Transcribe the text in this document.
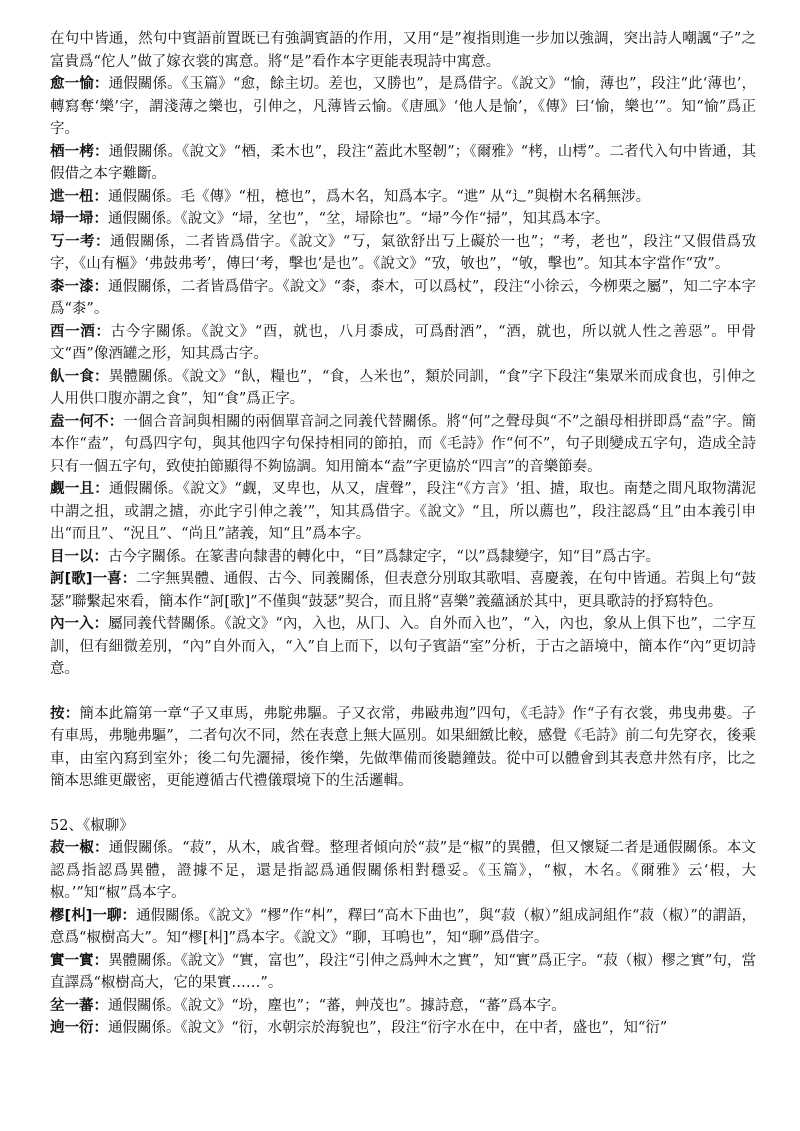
在句中皆通，然句中賓語前置既已有強調賓語的作用，又用“是”複指則進一步加以強調，突出詩人嘲諷“子”之富貴爲“佗人”做了嫁衣裳的寓意。將“是”看作本字更能表現詩中寓意。

愈一愉：通假關係。《玉篇》“愈，餘主切。差也，又勝也”，是爲借字。《說文》“愉，薄也”，段注“此‘薄也’，轉寫奪‘樂’字，謂淺薄之樂也，引伸之，凡薄皆云愉。《唐風》‘他人是愉’，《傳》曰‘愉，樂也’”。知“愉”爲正字。

梄一栲：通假關係。《說文》“梄，柔木也”，段注“蓋此木堅韌”；《爾雅》“栲，山樗”。二者代入句中皆通，其假借之本字難斷。

迣一杻：通假關係。毛《傳》“杻，檍也”，爲木名，知爲本字。“迣” 从“辶”與樹木名稱無涉。

埽一埽：通假關係。《說文》“埽，坌也”，“坌，埽除也”。“埽”今作“掃”，知其爲本字。

丂一考：通假關係，二者皆爲借字。《說文》“丂，氣欲舒出丂上礙於一也”；“考，老也”，段注“又假借爲攷字，《山有樞》‘弗鼓弗考’，傳曰‘考，擊也’是也”。《說文》“攷，敂也”，“敂，擊也”。知其本字當作“攷”。

桼一漆：通假關係，二者皆爲借字。《說文》“桼，桼木，可以爲杖”，段注“小徐云，今栁栗之屬”，知二字本字爲“桼”。

酉一酒：古今字關係。《說文》“酉，就也，八月黍成，可爲酎酒”，“酒，就也，所以就人性之善惡”。甲骨文“酉”像酒罐之形，知其爲古字。

飤一食：異體關係。《說文》“飤，糧也”，“食，亼米也”，類於同訓，“食”字下段注“集眾米而成食也，引伸之人用供口腹亦謂之食”，知“食”爲正字。

盍一何不：一個合音詞與相關的兩個單音詞之同義代替關係。將“何”之聲母與“不”之韻母相拼即爲“盍”字。簡本作“盍”，句爲四字句，與其他四字句保持相同的節拍，而《毛詩》作“何不”，句子則變成五字句，造成全詩只有一個五字句，致使拍節顯得不夠協調。知用簡本“盍”字更協於“四言”的音樂節奏。

觑一且：通假關係。《說文》“觑，叉卑也，从又，虘聲”，段注“《方言》‘抯、摣，取也。南楚之間凡取物溝泥中謂之抯，或謂之摣，亦此字引伸之義’”，知其爲借字。《說文》“且，所以薦也”，段注認爲“且”由本義引申出“而且”、“況且”、“尚且”諸義，知“且”爲本字。

目一以：古今字關係。在篆書向隸書的轉化中，“目”爲隸定字，“以”爲隸變字，知“目”爲古字。

訶[歌]一喜：二字無異體、通假、古今、同義關係，但表意分別取其歌唱、喜慶義，在句中皆通。若與上句“鼓瑟”聯繫起來看，簡本作“訶[歌]”不僅與“鼓瑟”契合，而且將“喜樂”義蘊涵於其中，更具歌詩的抒寫特色。

內一入：屬同義代替關係。《說文》“內，入也，从冂、入。自外而入也”，“入，內也，象从上俱下也”，二字互訓，但有細微差別，“內”自外而入，“入”自上而下，以句子賓語“室”分析，于古之語境中，簡本作“內”更切詩意。

按：簡本此篇第一章“子又車馬，弗駝弗驅。子又衣常，弗敺弗迿”四句，《毛詩》作“子有衣裳，弗曳弗婁。子有車馬，弗馳弗驅”，二者句次不同，然在表意上無大區別。如果細緻比較，感覺《毛詩》前二句先穿衣，後乘車，由室內寫到室外；後二句先灑掃，後作樂，先做準備而後聽鐘鼓。從中可以體會到其表意井然有序，比之簡本思維更嚴密，更能遵循古代禮儀環境下的生活邏輯。

52、《椒聊》

菽一椒：通假關係。“菽”，从木，戚省聲。整理者傾向於“菽”是“椒”的異體，但又懷疑二者是通假關係。本文認爲指認爲異體，證據不足，還是指認爲通假關係相對穩妥。《玉篇》，“椒，木名。《爾雅》云‘椵，大椒。’”知“椒”爲本字。

樛[朻]一聊：通假關係。《說文》“樛”作“朻”，釋曰“高木下曲也”，與“菽（椒）”組成詞組作“菽（椒）”的謂語，意爲“椒樹高大”。知“樛[朻]”爲本字。《說文》“聊，耳鳴也”，知“聊”爲借字。

實一實：異體關係。《說文》“實，富也”，段注“引伸之爲艸木之實”，知“實”爲正字。“菽（椒）樛之實”句，當直譯爲“椒樹高大，它的果實……”。

坌一蕃：通假關係。《說文》“坋，塵也”；“蕃，艸茂也”。據詩意，“蕃”爲本字。

逈一衍：通假關係。《說文》“衍，水朝宗於海貌也”，段注“衍字水在中，在中者，盛也”，知“衍”
